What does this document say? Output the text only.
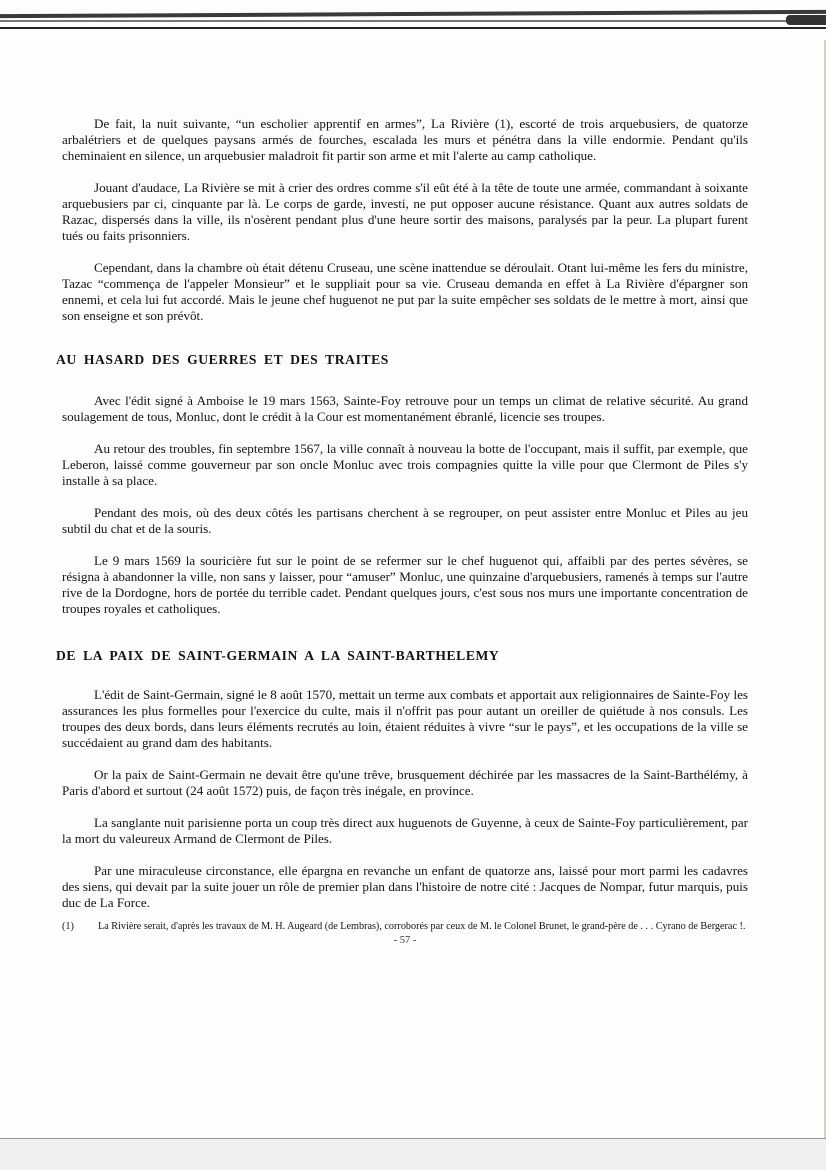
De fait, la nuit suivante, “un escholier apprentif en armes”, La Rivière (1), escorté de trois arquebusiers, de quatorze arbalétriers et de quelques paysans armés de fourches, escalada les murs et pénétra dans la ville endormie. Pendant qu'ils cheminaient en silence, un arquebusier maladroit fit partir son arme et mit l'alerte au camp catholique.

Jouant d'audace, La Rivière se mit à crier des ordres comme s'il eût été à la tête de toute une armée, commandant à soixante arquebusiers par ci, cinquante par là. Le corps de garde, investi, ne put opposer aucune résistance. Quant aux autres soldats de Razac, dispersés dans la ville, ils n'osèrent pendant plus d'une heure sortir des maisons, paralysés par la peur. La plupart furent tués ou faits prisonniers.

Cependant, dans la chambre où était détenu Cruseau, une scène inattendue se déroulait. Otant lui-même les fers du ministre, Tazac “commença de l'appeler Monsieur” et le suppliait pour sa vie. Cruseau demanda en effet à La Rivière d'épargner son ennemi, et cela lui fut accordé. Mais le jeune chef huguenot ne put par la suite empêcher ses soldats de le mettre à mort, ainsi que son enseigne et son prévôt.

AU HASARD DES GUERRES ET DES TRAITES

Avec l'édit signé à Amboise le 19 mars 1563, Sainte-Foy retrouve pour un temps un climat de relative sécurité. Au grand soulagement de tous, Monluc, dont le crédit à la Cour est momentanément ébranlé, licencie ses troupes.

Au retour des troubles, fin septembre 1567, la ville connaît à nouveau la botte de l'occupant, mais il suffit, par exemple, que Leberon, laissé comme gouverneur par son oncle Monluc avec trois compagnies quitte la ville pour que Clermont de Piles s'y installe à sa place.

Pendant des mois, où des deux côtés les partisans cherchent à se regrouper, on peut assister entre Monluc et Piles au jeu subtil du chat et de la souris.

Le 9 mars 1569 la souricière fut sur le point de se refermer sur le chef huguenot qui, affaibli par des pertes sévères, se résigna à abandonner la ville, non sans y laisser, pour “amuser” Monluc, une quinzaine d'arquebusiers, ramenés à temps sur l'autre rive de la Dordogne, hors de portée du terrible cadet. Pendant quelques jours, c'est sous nos murs une importante concentration de troupes royales et catholiques.

DE LA PAIX DE SAINT-GERMAIN A LA SAINT-BARTHELEMY

L'édit de Saint-Germain, signé le 8 août 1570, mettait un terme aux combats et apportait aux religionnaires de Sainte-Foy les assurances les plus formelles pour l'exercice du culte, mais il n'offrit pas pour autant un oreiller de quiétude à nos consuls. Les troupes des deux bords, dans leurs éléments recrutés au loin, étaient réduites à vivre “sur le pays”, et les occupations de la ville se succédaient au grand dam des habitants.

Or la paix de Saint-Germain ne devait être qu'une trêve, brusquement déchirée par les massacres de la Saint-Barthélémy, à Paris d'abord et surtout (24 août 1572) puis, de façon très inégale, en province.

La sanglante nuit parisienne porta un coup très direct aux huguenots de Guyenne, à ceux de Sainte-Foy particulièrement, par la mort du valeureux Armand de Clermont de Piles.

Par une miraculeuse circonstance, elle épargna en revanche un enfant de quatorze ans, laissé pour mort parmi les cadavres des siens, qui devait par la suite jouer un rôle de premier plan dans l'histoire de notre cité : Jacques de Nompar, futur marquis, puis duc de La Force.

(1)	La Rivière serait, d'après les travaux de M. H. Augeard (de Lembras), corroborés par ceux de M. le Colonel Brunet, le grand-père de . . . Cyrano de Bergerac !.
- 57 -
